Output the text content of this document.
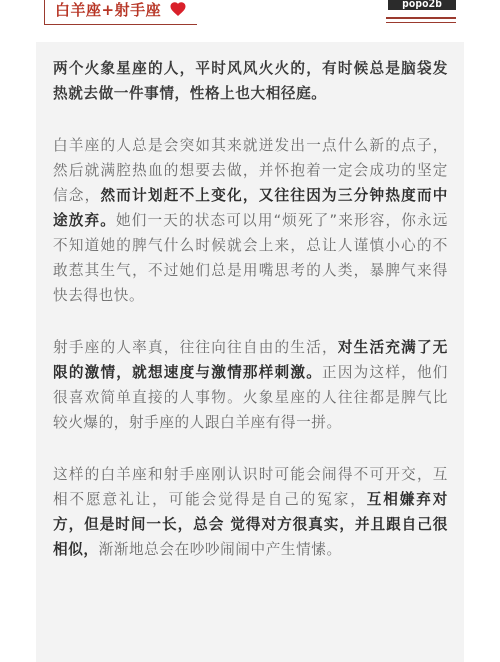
白羊座+射手座	popo2b

两个火象星座的人，平时风风火火的，有时候总是脑袋发热就去做一件事情，性格上也大相径庭。

白羊座的人总是会突如其来就迸发出一点什么新的点子，然后就满腔热血的想要去做，并怀抱着一定会成功的坚定信念，然而计划赶不上变化，又往往因为三分钟热度而中途放弃。她们一天的状态可以用“烦死了”来形容，你永远不知道她的脾气什么时候就会上来，总让人谨慎小心的不敢惹其生气，不过她们总是用嘴思考的人类，暴脾气来得快去得也快。

射手座的人率真，往往向往自由的生活，对生活充满了无限的激情，就想速度与激情那样刺激。正因为这样，他们很喜欢简单直接的人事物。火象星座的人往往都是脾气比较火爆的，射手座的人跟白羊座有得一拼。

这样的白羊座和射手座刚认识时可能会闹得不可开交，互相不愿意礼让，可能会觉得是自己的冤家，互相嫌弃对方，但是时间一长，总会 觉得对方很真实，并且跟自己很相似，渐渐地总会在吵吵闹闹中产生情愫。
